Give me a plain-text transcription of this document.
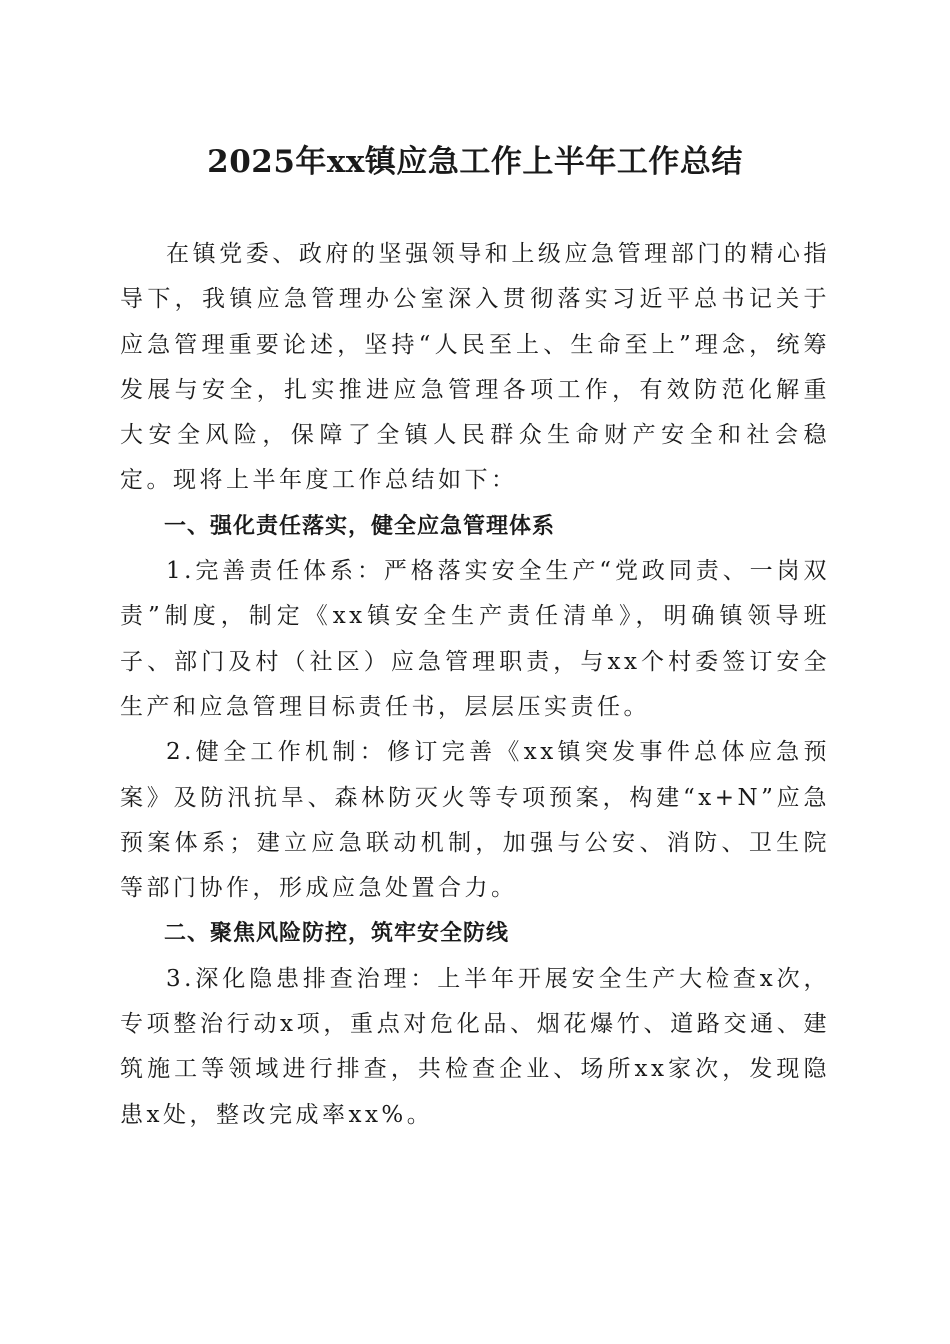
2025年xx镇应急工作上半年工作总结

在镇党委、政府的坚强领导和上级应急管理部门的精心指导下，我镇应急管理办公室深入贯彻落实习近平总书记关于应急管理重要论述，坚持“人民至上、生命至上”理念，统筹发展与安全，扎实推进应急管理各项工作，有效防范化解重大安全风险，保障了全镇人民群众生命财产安全和社会稳定。现将上半年度工作总结如下：

一、强化责任落实，健全应急管理体系

1.完善责任体系：严格落实安全生产“党政同责、一岗双责”制度，制定《xx镇安全生产责任清单》，明确镇领导班子、部门及村（社区）应急管理职责，与xx个村委签订安全生产和应急管理目标责任书，层层压实责任。

2.健全工作机制：修订完善《xx镇突发事件总体应急预案》及防汛抗旱、森林防灭火等专项预案，构建“x+N”应急预案体系；建立应急联动机制，加强与公安、消防、卫生院等部门协作，形成应急处置合力。

二、聚焦风险防控，筑牢安全防线

3.深化隐患排查治理：上半年开展安全生产大检查x次，专项整治行动x项，重点对危化品、烟花爆竹、道路交通、建筑施工等领域进行排查，共检查企业、场所xx家次，发现隐患x处，整改完成率xx%。
